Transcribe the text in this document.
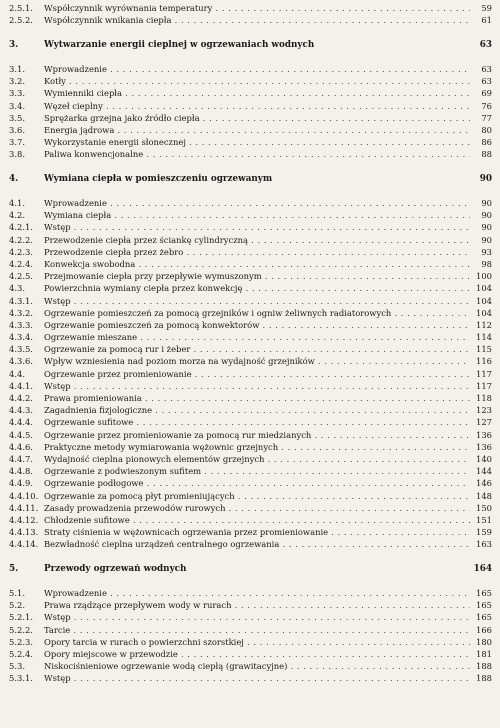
2.5.1.	Współczynnik wyrównania temperatury . . .	59
2.5.2.	Współczynnik wnikania ciepła . . .	61
3.	Wytwarzanie energii cieplnej w ogrzewaniach wodnych	63
3.1.	Wprowadzenie . . .	63
3.2.	Kotły . . .	63
3.3.	Wymienniki ciepła . . .	69
3.4.	Węzeł cieplny . . .	76
3.5.	Sprężarka grzejna jako źródło ciepła . . .	77
3.6.	Energia jądrowa . . .	80
3.7.	Wykorzystanie energii słonecznej . . .	86
3.8.	Paliwa konwencjonalne . . .	88
4.	Wymiana ciepła w pomieszczeniu ogrzewanym	90
4.1.	Wprowadzenie . . .	90
4.2.	Wymiana ciepła . . .	90
4.2.1.	Wstęp . . .	90
4.2.2.	Przewodzenie ciepła przez ściankę cylindryczną . . .	90
4.2.3.	Przewodzenie ciepła przez żebro . . .	93
4.2.4.	Konwekcja swobodna . . .	98
4.2.5.	Przejmowanie ciepła przy przepływie wymuszonym . . .	100
4.3.	Powierzchnia wymiany ciepła przez konwekcję . . .	104
4.3.1.	Wstęp . . .	104
4.3.2.	Ogrzewanie pomieszczeń za pomocą grzejników i ogniw żeliwnych radiatorowych . . .	104
4.3.3.	Ogrzewanie pomieszczeń za pomocą konwektorów . . .	112
4.3.4.	Ogrzewanie mieszane . . .	114
4.3.5.	Ogrzewanie za pomocą rur i żeber . . .	115
4.3.6.	Wpływ wzniesienia nad poziom morza na wydajność grzejników . . .	116
4.4.	Ogrzewanie przez promieniowanie . . .	117
4.4.1.	Wstęp . . .	117
4.4.2.	Prawa promieniowania . . .	118
4.4.3.	Zagadnienia fizjologiczne . . .	123
4.4.4.	Ogrzewanie sufitowe . . .	127
4.4.5.	Ogrzewanie przez promieniowanie za pomocą rur miedzianych . . .	136
4.4.6.	Praktyczne metody wymiarowania wężownic grzejnych . . .	136
4.4.7.	Wydajność cieplna pionowych elementów grzejnych . . .	140
4.4.8.	Ogrzewanie z podwieszonym sufitem . . .	144
4.4.9.	Ogrzewanie podłogowe . . .	146
4.4.10. Ogrzewanie za pomocą płyt promieniujących . . .	148
4.4.11. Zasady prowadzenia przewodów rurowych . . .	150
4.4.12. Chłodzenie sufitowe . . .	151
4.4.13. Straty ciśnienia w wężownicach ogrzewania przez promieniowanie . . .	159
4.4.14. Bezwładność cieplna urządzeń centralnego ogrzewania . . .	163
5.	Przewody ogrzewań wodnych	164
5.1.	Wprowadzenie . . .	165
5.2.	Prawa rządzące przepływem wody w rurach . . .	165
5.2.1.	Wstęp . . .	165
5.2.2.	Tarcie . . .	166
5.2.3.	Opory tarcia w rurach o powierzchni szorstkiej . . .	180
5.2.4.	Opory miejscowe w przewodzie . . .	181
5.3.	Niskociśnieniowe ogrzewanie wodą ciepłą (grawitacyjne) . . .	188
5.3.1.	Wstęp . . .	188
